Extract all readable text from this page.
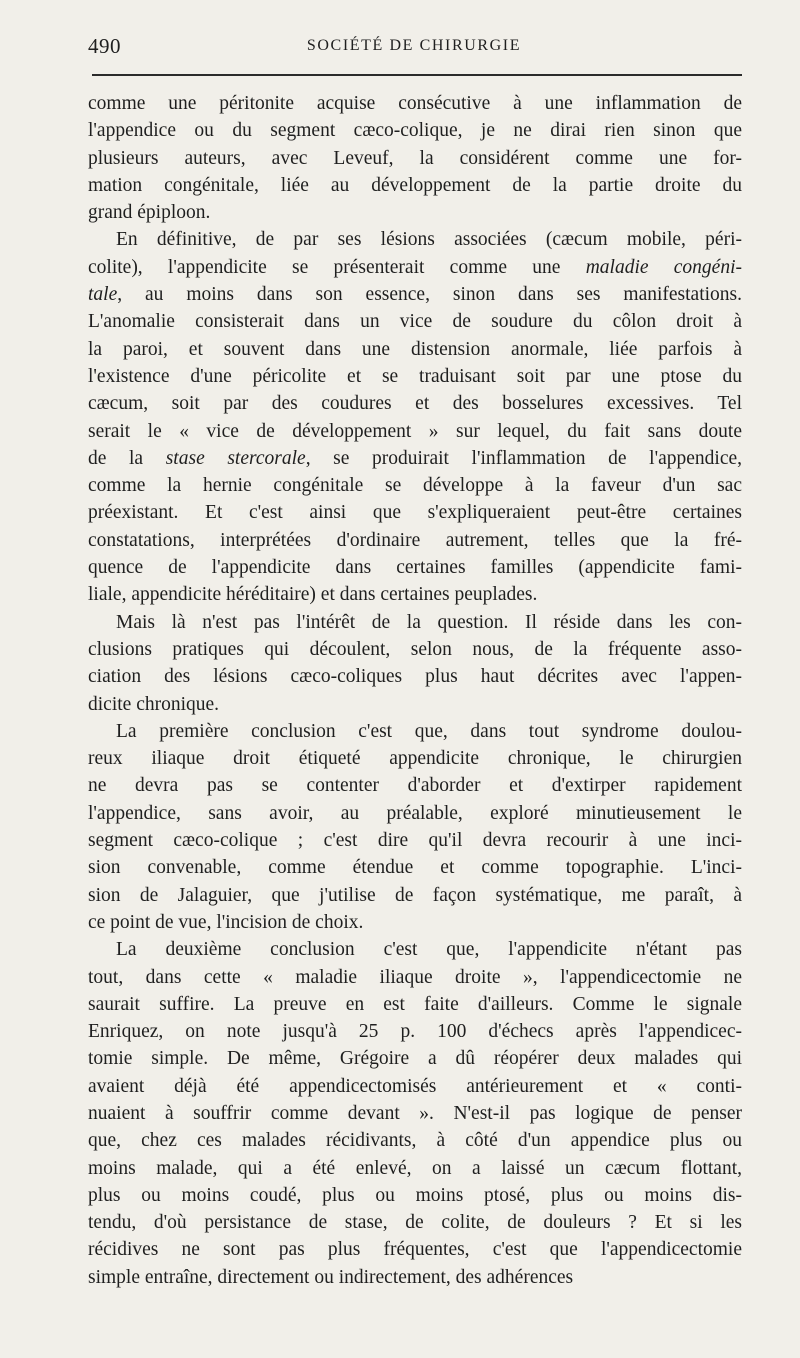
490	SOCIÉTÉ DE CHIRURGIE
comme une péritonite acquise consécutive à une inflammation de
l'appendice ou du segment cæco-colique, je ne dirai rien sinon que
plusieurs auteurs, avec Leveuf, la considérent comme une for-
mation congénitale, liée au développement de la partie droite du
grand épiploon.
En définitive, de par ses lésions associées (cæcum mobile, péri-
colite), l'appendicite se présenterait comme une maladie congéni-
tale, au moins dans son essence, sinon dans ses manifestations.
L'anomalie consisterait dans un vice de soudure du côlon droit à
la paroi, et souvent dans une distension anormale, liée parfois à
l'existence d'une péricolite et se traduisant soit par une ptose du
cæcum, soit par des coudures et des bosselures excessives. Tel
serait le « vice de développement » sur lequel, du fait sans doute
de la stase stercorale, se produirait l'inflammation de l'appendice,
comme la hernie congénitale se développe à la faveur d'un sac
préexistant. Et c'est ainsi que s'expliqueraient peut-être certaines
constatations, interprétées d'ordinaire autrement, telles que la fré-
quence de l'appendicite dans certaines familles (appendicite fami-
liale, appendicite héréditaire) et dans certaines peuplades.
Mais là n'est pas l'intérêt de la question. Il réside dans les con-
clusions pratiques qui découlent, selon nous, de la fréquente asso-
ciation des lésions cæco-coliques plus haut décrites avec l'appen-
dicite chronique.
La première conclusion c'est que, dans tout syndrome doulou-
reux iliaque droit étiqueté appendicite chronique, le chirurgien
ne devra pas se contenter d'aborder et d'extirper rapidement
l'appendice, sans avoir, au préalable, exploré minutieusement le
segment cæco-colique ; c'est dire qu'il devra recourir à une inci-
sion convenable, comme étendue et comme topographie. L'inci-
sion de Jalaguier, que j'utilise de façon systématique, me paraît, à
ce point de vue, l'incision de choix.
La deuxième conclusion c'est que, l'appendicite n'étant pas
tout, dans cette « maladie iliaque droite », l'appendicectomie ne
saurait suffire. La preuve en est faite d'ailleurs. Comme le signale
Enriquez, on note jusqu'à 25 p. 100 d'échecs après l'appendicec-
tomie simple. De même, Grégoire a dû réopérer deux malades qui
avaient déjà été appendicectomisés antérieurement et « conti-
nuaient à souffrir comme devant ». N'est-il pas logique de penser
que, chez ces malades récidivants, à côté d'un appendice plus ou
moins malade, qui a été enlevé, on a laissé un cæcum flottant,
plus ou moins coudé, plus ou moins ptosé, plus ou moins dis-
tendu, d'où persistance de stase, de colite, de douleurs ? Et si les
récidives ne sont pas plus fréquentes, c'est que l'appendicectomie
simple entraîne, directement ou indirectement, des adhérences
